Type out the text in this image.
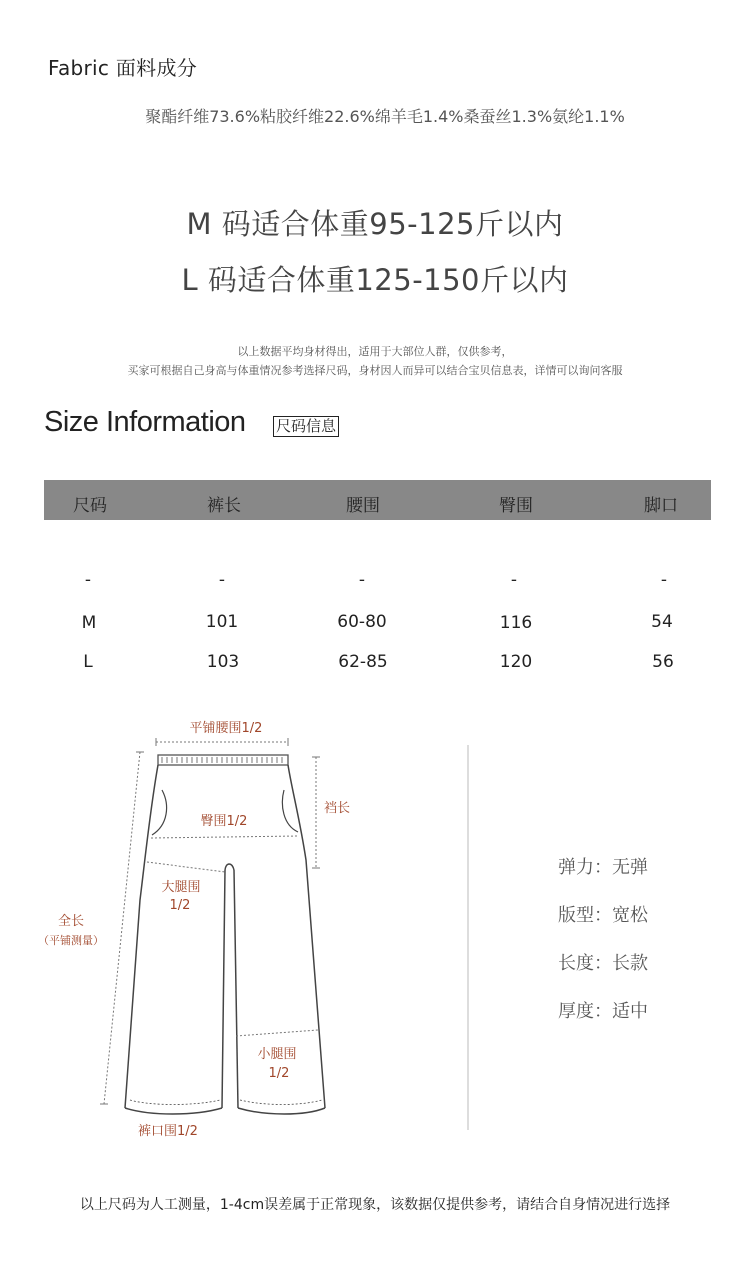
Fabric 面料成分
聚酯纤维73.6%粘胶纤维22.6%绵羊毛1.4%桑蚕丝1.3%氨纶1.1%
M 码适合体重95-125斤以内
L 码适合体重125-150斤以内
以上数据平均身材得出，适用于大部位人群，仅供参考，
买家可根据自己身高与体重情况参考选择尺码，身材因人而异可以结合宝贝信息表，详情可以询问客服
Size Information 尺码信息
尺码	裤长	腰围	臀围	脚口
-	-	-	-	-
M	101	60-80	116	54
L	103	62-85	120	56
平铺腰围1/2
裆长
臀围1/2
大腿围
1/2
全长
（平铺测量）
小腿围
1/2
裤口围1/2
弹力：无弹
版型：宽松
长度：长款
厚度：适中
以上尺码为人工测量，1-4cm误差属于正常现象，该数据仅提供参考，请结合自身情况进行选择
